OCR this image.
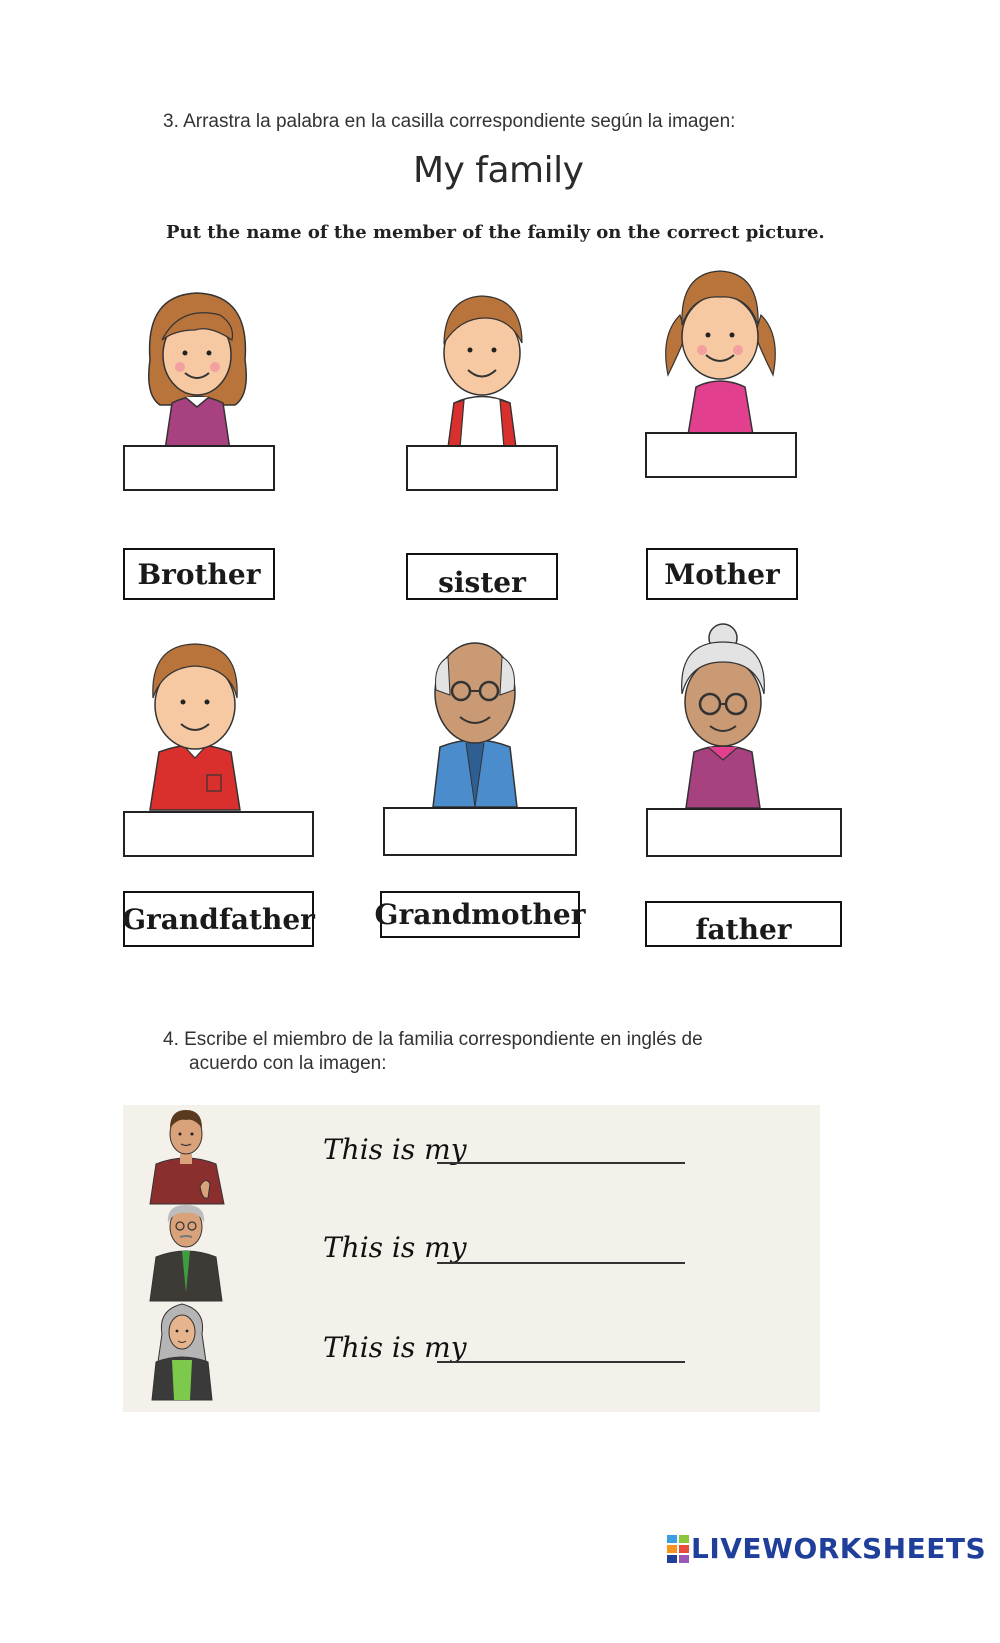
3. Arrastra la palabra en la casilla correspondiente según la imagen:
My family
Put the name of the member of the family on the correct picture.
Brother	sister	Mother
Grandfather Grandmother	father
4. Escribe el miembro de la familia correspondiente en inglés de
acuerdo con la imagen:
This is my
This is my
This is my
LIVEWORKSHEETS
